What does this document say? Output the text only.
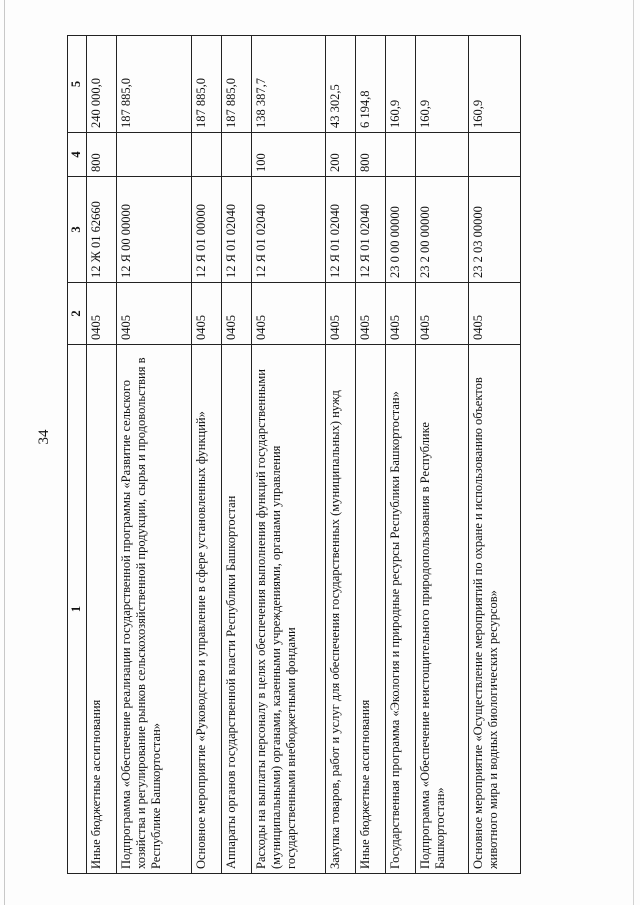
34
1	2	3	4	5
Иные бюджетные ассигнования	0405	12 Ж 01 62660	800	240 000,0
Подпрограмма «Обеспечение реализации государственной программы «Развитие сельского хозяйства и регулирование рынков сельскохозяйственной продукции, сырья и продовольствия в Республике Башкортостан»	0405	12 Я 00 00000		187 885,0
Основное мероприятие «Руководство и управление в сфере установленных функций»	0405	12 Я 01 00000		187 885,0
Аппараты органов государственной власти Республики Башкортостан	0405	12 Я 01 02040		187 885,0
Расходы на выплаты персоналу в целях обеспечения выполнения функций государственными (муниципальными) органами, казенными учреждениями, органами управления государственными внебюджетными фондами	0405	12 Я 01 02040	100	138 387,7
Закупка товаров, работ и услуг для обеспечения государственных (муниципальных) нужд	0405	12 Я 01 02040	200	43 302,5
Иные бюджетные ассигнования	0405	12 Я 01 02040	800	6 194,8
Государственная программа «Экология и природные ресурсы Республики Башкортостан»	0405	23 0 00 00000		160,9
Подпрограмма «Обеспечение неистощительного природопользования в Республике Башкортостан»	0405	23 2 00 00000		160,9
Основное мероприятие «Осуществление мероприятий по охране и использованию объектов животного мира и водных биологических ресурсов»	0405	23 2 03 00000		160,9
